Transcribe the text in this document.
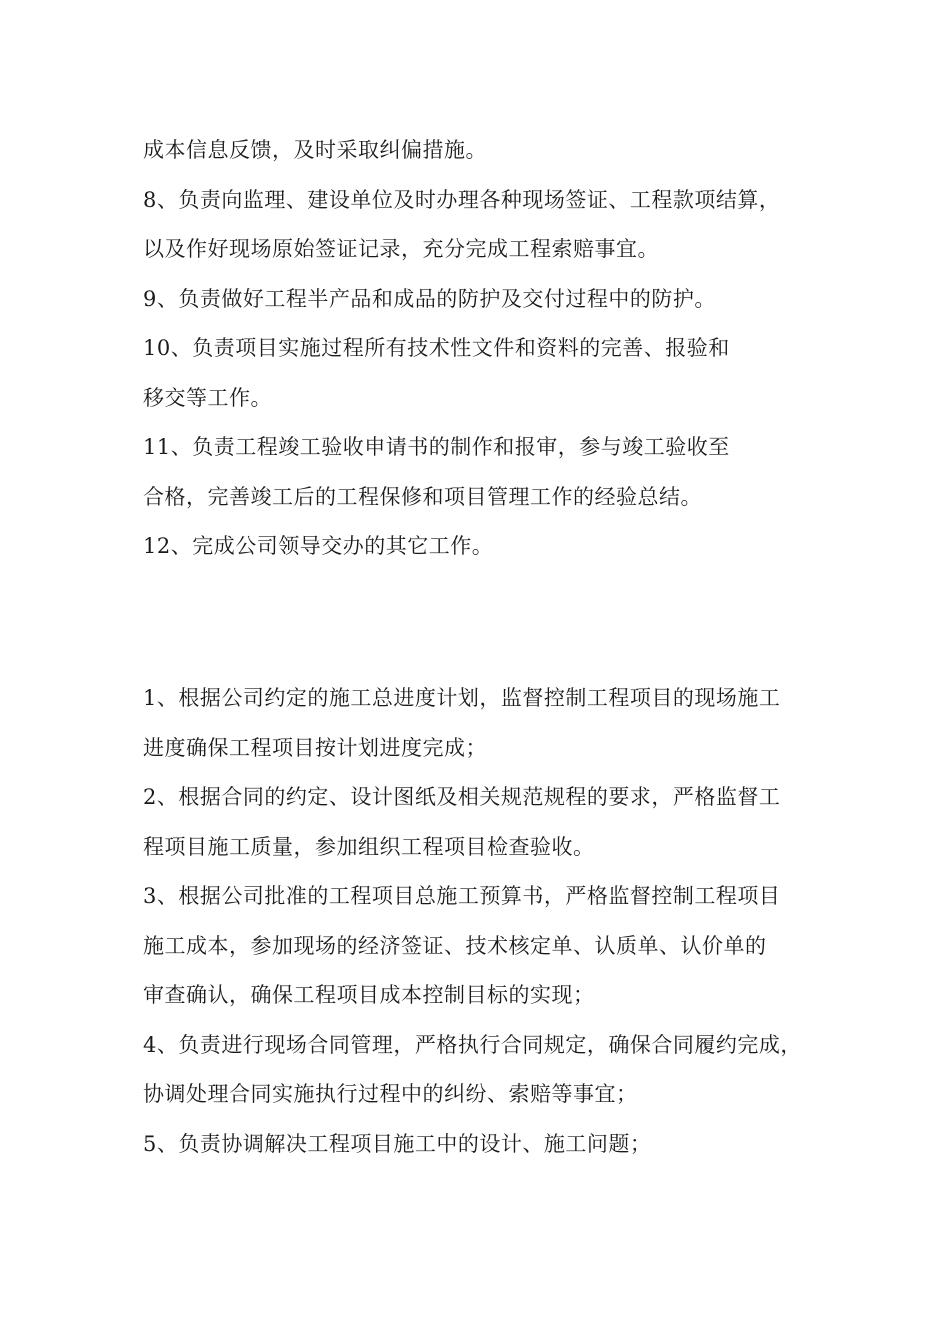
成本信息反馈，及时采取纠偏措施。
8、负责向监理、建设单位及时办理各种现场签证、工程款项结算，
以及作好现场原始签证记录，充分完成工程索赔事宜。
9、负责做好工程半产品和成品的防护及交付过程中的防护。
10、负责项目实施过程所有技术性文件和资料的完善、报验和
移交等工作。
11、负责工程竣工验收申请书的制作和报审，参与竣工验收至
合格，完善竣工后的工程保修和项目管理工作的经验总结。
12、完成公司领导交办的其它工作。
1、根据公司约定的施工总进度计划，监督控制工程项目的现场施工
进度确保工程项目按计划进度完成；
2、根据合同的约定、设计图纸及相关规范规程的要求，严格监督工
程项目施工质量，参加组织工程项目检查验收。
3、根据公司批准的工程项目总施工预算书，严格监督控制工程项目
施工成本，参加现场的经济签证、技术核定单、认质单、认价单的
审查确认，确保工程项目成本控制目标的实现；
4、负责进行现场合同管理，严格执行合同规定，确保合同履约完成，
协调处理合同实施执行过程中的纠纷、索赔等事宜；
5、负责协调解决工程项目施工中的设计、施工问题；
